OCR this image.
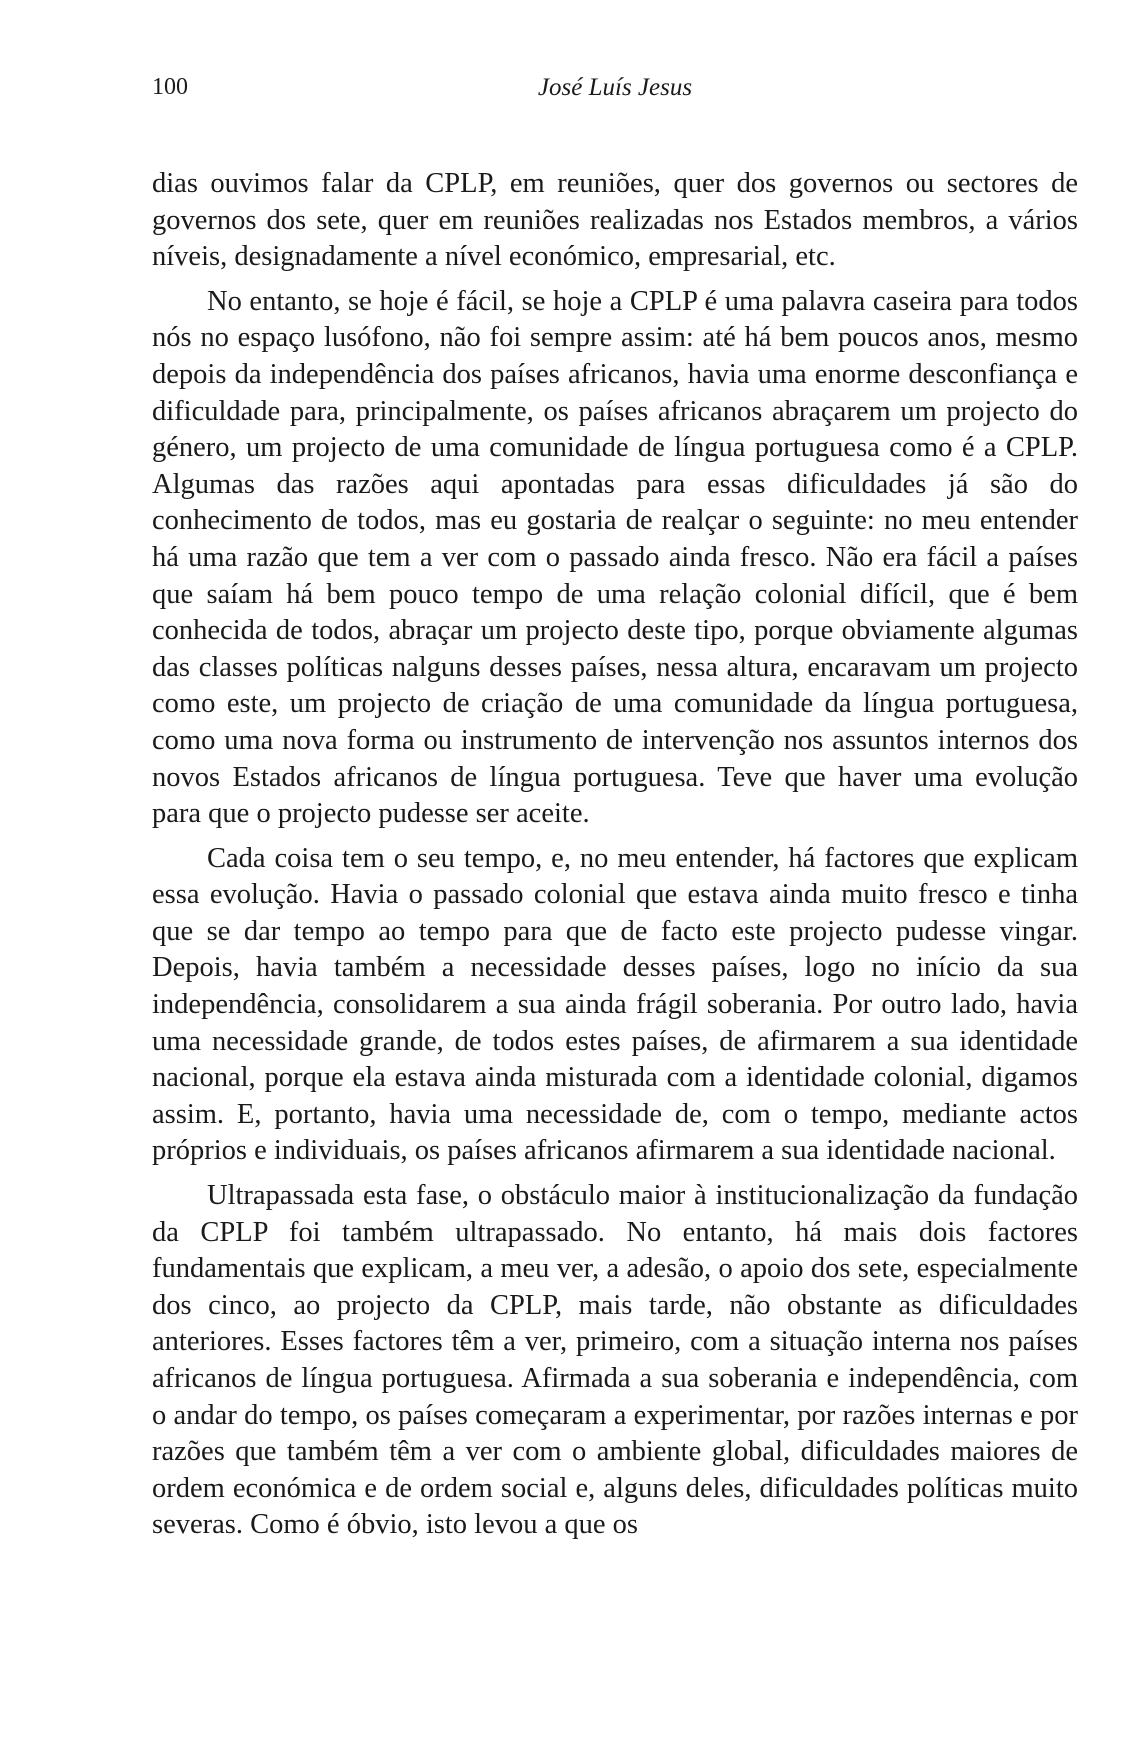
100	José Luís Jesus

dias ouvimos falar da CPLP, em reuniões, quer dos governos ou sectores de governos dos sete, quer em reuniões realizadas nos Estados membros, a vários níveis, designadamente a nível económico, empresarial, etc.

No entanto, se hoje é fácil, se hoje a CPLP é uma palavra caseira para todos nós no espaço lusófono, não foi sempre assim: até há bem poucos anos, mesmo depois da independência dos países africanos, havia uma enorme desconfiança e dificuldade para, principalmente, os países africanos abraçarem um projecto do género, um projecto de uma comunidade de língua portuguesa como é a CPLP. Algumas das razões aqui apontadas para essas dificuldades já são do conhecimento de todos, mas eu gostaria de realçar o seguinte: no meu entender há uma razão que tem a ver com o passado ainda fresco. Não era fácil a países que saíam há bem pouco tempo de uma relação colonial difícil, que é bem conhecida de todos, abraçar um projecto deste tipo, porque obviamente algumas das classes políticas nalguns desses países, nessa altura, encaravam um projecto como este, um projecto de criação de uma comunidade da língua portuguesa, como uma nova forma ou instrumento de intervenção nos assuntos internos dos novos Estados africanos de língua portuguesa. Teve que haver uma evolução para que o projecto pudesse ser aceite.

Cada coisa tem o seu tempo, e, no meu entender, há factores que explicam essa evolução. Havia o passado colonial que estava ainda muito fresco e tinha que se dar tempo ao tempo para que de facto este projecto pudesse vingar. Depois, havia também a necessidade desses países, logo no início da sua independência, consolidarem a sua ainda frágil soberania. Por outro lado, havia uma necessidade grande, de todos estes países, de afirmarem a sua identidade nacional, porque ela estava ainda misturada com a identidade colonial, digamos assim. E, portanto, havia uma necessidade de, com o tempo, mediante actos próprios e individuais, os países africanos afirmarem a sua identidade nacional.

Ultrapassada esta fase, o obstáculo maior à institucionalização da fundação da CPLP foi também ultrapassado. No entanto, há mais dois factores fundamentais que explicam, a meu ver, a adesão, o apoio dos sete, especialmente dos cinco, ao projecto da CPLP, mais tarde, não obstante as dificuldades anteriores. Esses factores têm a ver, primeiro, com a situação interna nos países africanos de língua portuguesa. Afirmada a sua soberania e independência, com o andar do tempo, os países começaram a experimentar, por razões internas e por razões que também têm a ver com o ambiente global, dificuldades maiores de ordem económica e de ordem social e, alguns deles, dificuldades políticas muito severas. Como é óbvio, isto levou a que os
